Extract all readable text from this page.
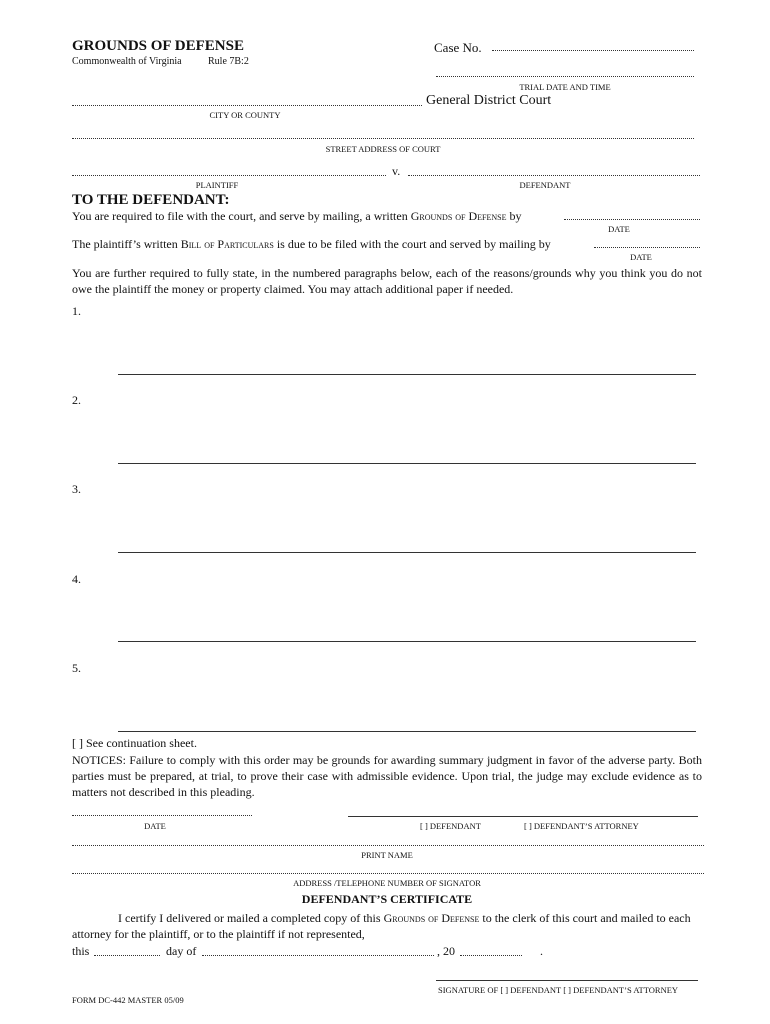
GROUNDS OF DEFENSE
Commonwealth of Virginia	Rule 7B:2
Case No.
TRIAL DATE AND TIME
General District Court
CITY OR COUNTY
STREET ADDRESS OF COURT
v.
PLAINTIFF	DEFENDANT
TO THE DEFENDANT:
You are required to file with the court, and serve by mailing, a written Grounds of Defense by
DATE
The plaintiff’s written Bill of Particulars is due to be filed with the court and served by mailing by
DATE
You are further required to fully state, in the numbered paragraphs below, each of the reasons/grounds why you think you do not owe the plaintiff the money or property claimed. You may attach additional paper if needed.
1.
2.
3.
4.
5.
[ ] See continuation sheet.
NOTICES: Failure to comply with this order may be grounds for awarding summary judgment in favor of the adverse party. Both parties must be prepared, at trial, to prove their case with admissible evidence. Upon trial, the judge may exclude evidence as to matters not described in this pleading.
DATE	[ ] DEFENDANT	[ ] DEFENDANT’S ATTORNEY
PRINT NAME
ADDRESS /TELEPHONE NUMBER OF SIGNATOR
DEFENDANT’S CERTIFICATE
I certify I delivered or mailed a completed copy of this Grounds of Defense to the clerk of this court and mailed to each attorney for the plaintiff, or to the plaintiff if not represented,
this	day of	, 20	.
SIGNATURE OF [ ] DEFENDANT [ ] DEFENDANT’S ATTORNEY
FORM DC-442 MASTER 05/09
